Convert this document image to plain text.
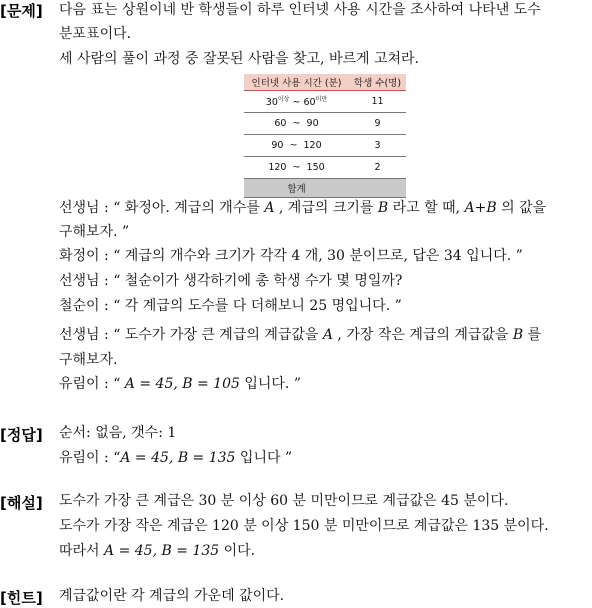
[문제] 다음 표는 상원이네 반 학생들이 하루 인터넷 사용 시간을 조사하여 나타낸 도수
분포표이다.
세 사람의 풀이 과정 중 잘못된 사람을 찾고, 바르게 고쳐라.
인터넷 사용 시간 (분)	학생 수(명)
$30^{이상}$ ~ $60^{미만}$	11
60 ~ 90	9
90 ~ 120	3
120 ~ 150	2
합계	
선생님 : “ 화정아. 계급의 개수를 A , 계급의 크기를 B 라고 할 때, A+B 의 값을
구해보자. ”
화정이 : “ 계급의 개수와 크기가 각각 4 개, 30 분이므로, 답은 34 입니다. ”
선생님 : “ 철순이가 생각하기에 총 학생 수가 몇 명일까?
철순이 : “ 각 계급의 도수를 다 더해보니 25 명입니다. ”
선생님 : “ 도수가 가장 큰 계급의 계급값을 A , 가장 작은 계급의 계급값을 B 를
구해보자.
유림이 : “ A = 45, B = 105 입니다. ”
[정답] 순서: 없음, 갯수: 1
유림이 : “A = 45, B = 135 입니다 ”
[해설] 도수가 가장 큰 계급은 30 분 이상 60 분 미만이므로 계급값은 45 분이다.
도수가 가장 작은 계급은 120 분 이상 150 분 미만이므로 계급값은 135 분이다.
따라서 A = 45, B = 135 이다.
[힌트] 계급값이란 각 계급의 가운데 값이다.
